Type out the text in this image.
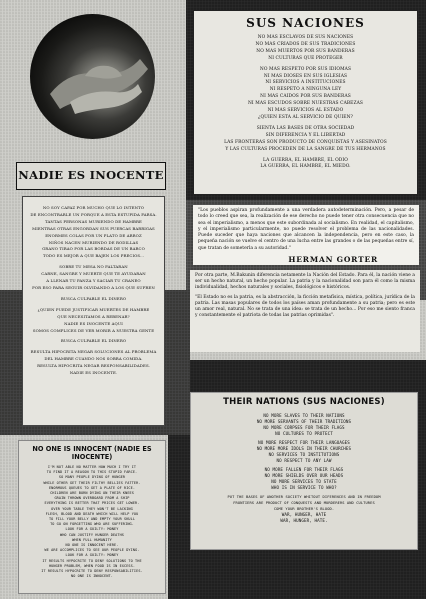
SUS NACIONES
NO MAS ESCLAVOS DE SUS NACIONES
NO MAS CRIADOS DE SUS TRADICIONES
NO MAS MUERTOS POR SUS BANDERAS
NI CULTURAS QUE PROTEGER
NO MAS RESPETO POR SUS IDIOMAS
NI MAS DIOSES EN SUS IGLESIAS
NI SERVICIOS A INSTITUCIONES
NI RESPETO A NINGUNA LEY
NI MAS CAIDOS POR SUS BANDERAS
NI MAS ESCUDOS SOBRE NUESTRAS CABEZAS
NI MAS SERVICIOS AL ESTADO
¿QUIEN ESTA AL SERVICIO DE QUIEN?
SIENTA LAS BASES DE OTRA SOCIEDAD
SIN DIFERENCIA Y EL LIBERTAD
LAS FRONTERAS SON PRODUCTO DE CONQUISTAS Y ASESINATOS
Y LAS CULTURAS PROCEDEN DE LA SANGRE DE TUS HERMANOS
LA GUERRA, EL HAMBRE, EL ODIO
LA GUERRA, EL HAMBRE, EL MIEDO.
NADIE ES INOCENTE
NO SOY CAPAZ POR MUCHO QUE LO INTENTO
DE ENCONTRARLE UN PORQUE A ESTA ESTUPIDA FARSA.
TANTAS PERSONAS MURIENDO DE HAMBRE
MIENTRAS OTRAS ENGORDAN SUS PUERCAS BARRIGAS
ENORMES COLAS POR UN PLATO DE ARROZ
NIÑOS NACEN MURIENDO DE RODILLAS
GRANO TIRAO POR LAS BORDAS DE UN BARCO
TODO ES MEJOR A QUE BAJEN LOS PRECIOS...
SOBRE TU MESA NO FALTARAN
CARNE, SANGRE Y MUERTE QUE TE AYUDARAN
A LLENAR TU PANZA Y SACIAR TU CRANEO
POR ESO PARA SEGUIR OLVIDANDO A LOS QUE SUFREN
BUSCA CULPABLE EL DINERO
¿QUIEN PUEDE JUSTIFICAR MUERTES DE HAMBRE
QUE NECESITAMOS A REBENAR?
NADIE ES INOCENTE AQUI
SOMOS COMPLICES DE VER MORIR A NUESTRA GENTE
BUSCA CULPABLE EL DINERO
RESULTA HIPOCRITA NEGAR SOLUCIONES AL PROBLEMA
DEL HAMBRE CUANDO NOS SOBRA COMIDA.
RESULTA HIPOCRITA NEGAR RESPONSABILIDADES.
NADIE ES INOCENTE.
"Los pueblos aspiran profundamente a una verdadera autodeterminación. Pero, a pesar de todo lo creed que sea, la realización de ese derecho no puede tener otra consecuencia que no sea el imperialismo, a menos que este subordinada al socialismo. En realidad, el capitalismo, y el imperialismo particularmente, no puede resolver el problema de las nacionalidades. Puede suceder que haya naciones que alcancen la independencia, pero en este caso, la pequeña nación se vuelve el centro de una lucha entre las grandes o de las pequeñas entre sí, que tratan de someterla a su autoridad."
HERMAN GORTER
Por otra parte, M.Bakunin diferencia netamente la Nación del Estado. Para él, la nación viene a ser un hecho natural, un hecho popular. La patria y la nacionalidad son para él como la misma individualidad, hechos naturales y sociales, fisiológicos e históricos.
"El Estado no es la patria, es la abstracción, la ficción metafísica, mística, política, jurídica de la patria. Las masas populares de todos los países aman profundamente a su patria; pero es este un amor real, natural. No se trata de una idea: se trata de un hecho... Por eso me siento franca y constantemente el patriota de todas las patrias oprimidas".
THEIR NATIONS (SUS NACIONES)
NO MORE SLAVES TO THEIR NATIONS
NO MORE SERVANTS OF THEIR TRADITIONS
NO MORE CORPSES FOR THEIR FLAGS
NO CULTURES TO PROTECT
NO MORE RESPECT FOR THEIR LANGUAGES
NO MORE MORE IDOLS IN THEIR CHURCHES
NO SERVICES TO INSTITUTIONS
NO RESPECT TO ANY LAW
NO MORE FALLEN FOR THEIR FLAGS
NO MORE SHIELDS OVER OUR HEADS
NO MORE SERVICES TO STATE
WHO IS IN SERVICE TO WHO?
PUT THE BASES OF ANOTHER SOCIETY WHITOUT DIFERENCES AND IN FREEDOM
FRONTIERS ARE PRODUCT OF CONQUESTS AND MURDERERS AND CULTURES
COME YOUR BROTHER'S BLOOD.
WAR, HUNGER, HATE
WAR, HUNGER, HATE.
NO ONE IS INNOCENT (NADIE ES
INOCENTE)
I'M NOT ABLE NO MATTER HOW MUCH I TRY IT
TO FIND IT A REASON TO THIS STUPID FARCE.
SO MANY PEOPLE DYING OF HUNGER
WHILE OTHER GET THEIR FILTHY BELLIES FATTER.
ENORMOUS QUEUES TO GET A PLATE OF RICE.
CHILDREN ARE BORN DYING ON THEIR KNEES
GRAIN THROWN OVERBOARD FROM A SHIP
EVERYTHING IS BETTER THAT PRICES GET LOWER.
OVER YOUR TABLE THEY WON'T BE LACKING
FLESH, BLOOD AND DEATH WHICH WILL HELP YOU
TO FILL YOUR BELLY AND EMPTY YOUR SKULL
TO GO ON FORGETTING WHO ARE SUFFERING.
LOOK FOR A GUILTY: MONEY
WHO CAN JUSTIFY HUNGER DEATHS
WHEN FULL HUMANITY
NO ONE IS INNOCENT HERE.
WE ARE ACCOMPLICES TO SEE OUR PEOPLE DYING.
LOOK FOR A GUILTY: MONEY
IT RESULTS HYPOCRITE TO DENY SOLUTIONS TO THE
HUNGER PROBLEM, WHEN FOOD IS IN EXCESS.
IT RESULTS HYPOCRITE TO DENY RESPONSABILITIES.
NO ONE IS INNOCENT.
